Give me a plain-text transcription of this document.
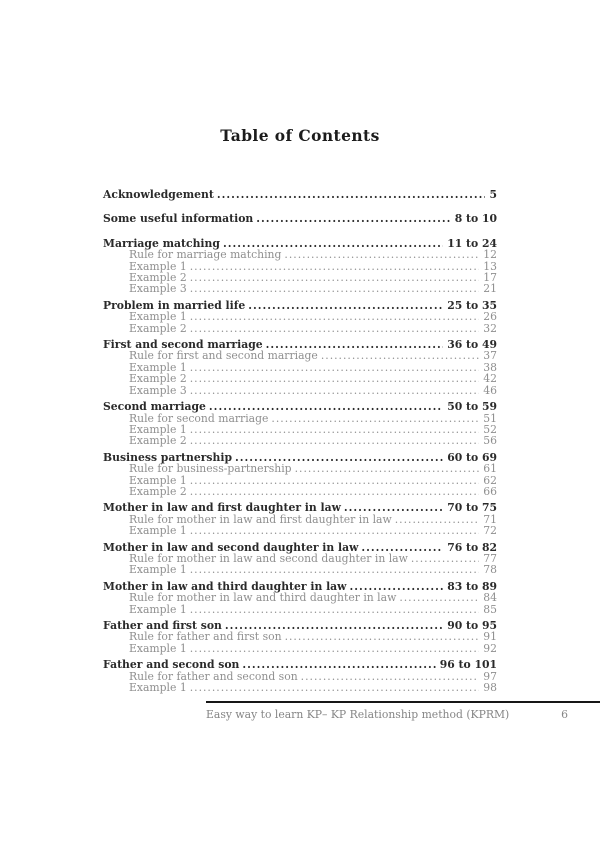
Table of Contents
Acknowledgement .....	5
Some useful information .....	8 to 10
Marriage matching .....	11 to 24
Rule for marriage matching .....	12
Example 1 .....	13
Example 2 .....	17
Example 3 .....	21
Problem in married life .....	25 to 35
Example 1 .....	26
Example 2 .....	32
First and second marriage .....	36 to 49
Rule for first and second marriage .....	37
Example 1 .....	38
Example 2 .....	42
Example 3 .....	46
Second marriage .....	50 to 59
Rule for second marriage .....	51
Example 1 .....	52
Example 2 .....	56
Business partnership .....	60 to 69
Rule for business-partnership .....	61
Example 1 .....	62
Example 2 .....	66
Mother in law and first daughter in law .....	70 to 75
Rule for mother in law and first daughter in law .....	71
Example 1 .....	72
Mother in law and second daughter in law .....	76 to 82
Rule for mother in law and second daughter in law .....	77
Example 1 .....	78
Mother in law and third daughter in law .....	83 to 89
Rule for mother in law and third daughter in law .....	84
Example 1 .....	85
Father and first son .....	90 to 95
Rule for father and first son .....	91
Example 1 .....	92
Father and second son .....	96 to 101
Rule for father and second son .....	97
Example 1 .....	98
Easy way to learn KP– KP Relationship method (KPRM)	6
